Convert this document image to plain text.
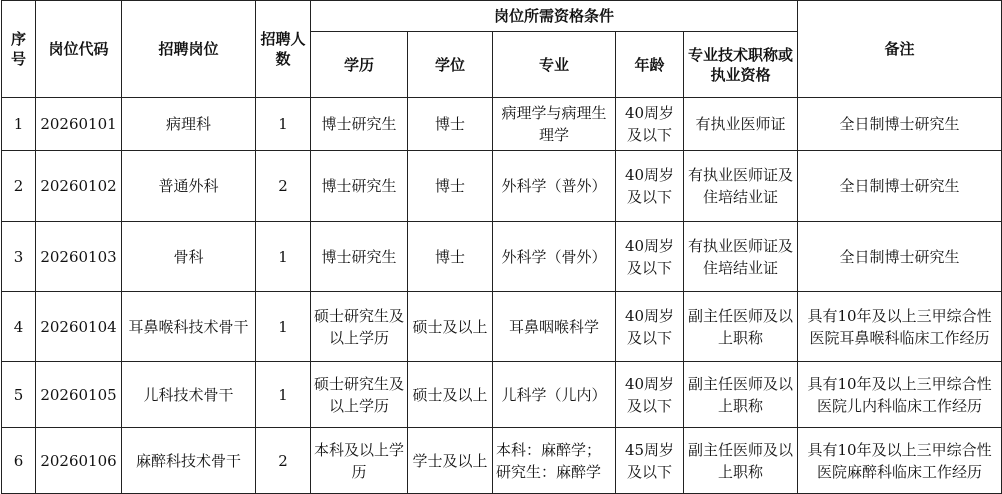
序号	岗位代码	招聘岗位	招聘人数	岗位所需资格条件					备注
				学历	学位	专业	年龄	专业技术职称或执业资格	
1	20260101	病理科	1	博士研究生	博士	病理学与病理生理学	40周岁及以下	有执业医师证	全日制博士研究生
2	20260102	普通外科	2	博士研究生	博士	外科学（普外）	40周岁及以下	有执业医师证及住培结业证	全日制博士研究生
3	20260103	骨科	1	博士研究生	博士	外科学（骨外）	40周岁及以下	有执业医师证及住培结业证	全日制博士研究生
4	20260104	耳鼻喉科技术骨干	1	硕士研究生及以上学历	硕士及以上	耳鼻咽喉科学	40周岁及以下	副主任医师及以上职称	具有10年及以上三甲综合性医院耳鼻喉科临床工作经历
5	20260105	儿科技术骨干	1	硕士研究生及以上学历	硕士及以上	儿科学（儿内）	40周岁及以下	副主任医师及以上职称	具有10年及以上三甲综合性医院儿内科临床工作经历
6	20260106	麻醉科技术骨干	2	本科及以上学历	学士及以上	本科：麻醉学；研究生：麻醉学	45周岁及以下	副主任医师及以上职称	具有10年及以上三甲综合性医院麻醉科临床工作经历
